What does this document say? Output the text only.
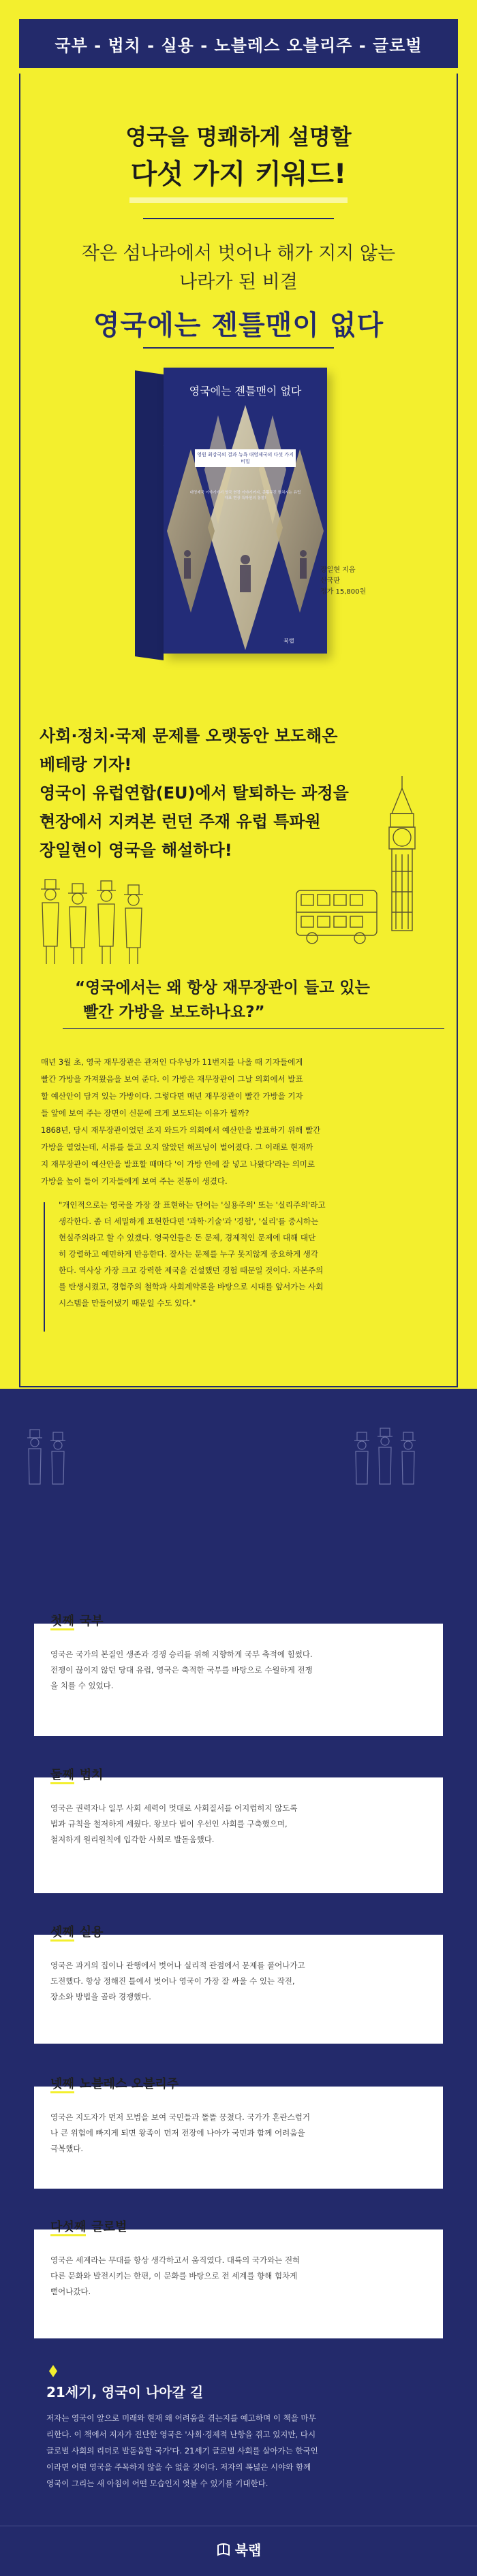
국부 - 법치 - 실용 - 노블레스 오블리주 - 글로벌
영국을 명쾌하게 설명할
다섯 가지 키워드!
작은 섬나라에서 벗어나 해가 지지 않는
나라가 된 비결
영국에는 젠틀맨이 없다
영국에는 젠틀맨이 없다
영원 최강국의 결과 뉴욕 대영제국의 다섯 가지 비밀
대영제국 이야기에서 영국 현장 이야기까지, 종횡무진 펼쳐지는 유럽 대표 현장 특파원의 통찰!
북랩
장일현 지음
신국판
정가 15,800원
사회·정치·국제 문제를 오랫동안 보도해온
베테랑 기자!
영국이 유럽연합(EU)에서 탈퇴하는 과정을
현장에서 지켜본 런던 주재 유럽 특파원
장일현이 영국을 해설하다!
“영국에서는 왜 항상 재무장관이 들고 있는
빨간 가방을 보도하나요?”
매년 3월 초, 영국 재무장관은 관저인 다우닝가 11번지를 나올 때 기자들에게
빨간 가방을 가져왔음을 보여 준다. 이 가방은 재무장관이 그날 의회에서 발표
할 예산안이 담겨 있는 가방이다. 그렇다면 매년 재무장관이 빨간 가방을 기자
들 앞에 보여 주는 장면이 신문에 크게 보도되는 이유가 뭘까?
1868년, 당시 재무장관이었던 조지 와드가 의회에서 예산안을 발표하기 위해 빨간
가방을 열었는데, 서류를 들고 오지 않았던 해프닝이 벌어졌다. 그 이래로 현재까
지 재무장관이 예산안을 발표할 때마다 '이 가방 안에 잘 넣고 나왔다'라는 의미로
가방을 높이 들어 기자들에게 보여 주는 전통이 생겼다.
"개인적으로는 영국을 가장 잘 표현하는 단어는 '실용주의' 또는 '실리주의'라고
생각한다. 좀 더 세밀하게 표현한다면 '과학·기술'과 '경험', '실리'를 중시하는
현실주의라고 할 수 있겠다. 영국인들은 돈 문제, 경제적인 문제에 대해 대단
히 강렬하고 예민하게 반응한다. 잘사는 문제를 누구 못지않게 중요하게 생각
한다. 역사상 가장 크고 강력한 제국을 건설했던 경험 때문일 것이다. 자본주의
를 탄생시켰고, 경험주의 철학과 사회계약론을 바탕으로 시대를 앞서가는 사회
시스템을 만들어냈기 때문일 수도 있다."
첫째 국부
영국은 국가의 본질인 생존과 경쟁 승리를 위해 지향하게 국부 축적에 힘썼다.
전쟁이 끊이지 않던 당대 유럽, 영국은 축적한 국부를 바탕으로 수월하게 전쟁
을 치를 수 있었다.
둘째 법치
영국은 권력자나 일부 사회 세력이 멋대로 사회질서를 어지럽히지 않도록
법과 규칙을 철저하게 세웠다. 왕보다 법이 우선인 사회를 구축했으며,
철저하게 원리원칙에 입각한 사회로 발돋움했다.
셋째 실용
영국은 과거의 집이나 관행에서 벗어나 실리적 관점에서 문제를 풀어나가고
도전했다. 항상 정해진 틀에서 벗어나 영국이 가장 잘 싸울 수 있는 작전,
장소와 방법을 골라 경쟁했다.
넷째 노블레스 오블리주
영국은 지도자가 먼저 모범을 보여 국민들과 똘똘 뭉쳤다. 국가가 혼란스럽거
나 큰 위험에 빠지게 되면 왕족이 먼저 전장에 나아가 국민과 함께 어려움을
극복했다.
다섯째 글로벌
영국은 세계라는 무대를 항상 생각하고서 움직였다. 대륙의 국가와는 전혀
다른 문화와 발전시키는 한편, 이 문화를 바탕으로 전 세계를 향해 힘차게
뻗어나갔다.
21세기, 영국이 나아갈 길
저자는 영국이 앞으로 미래와 현재 왜 어려움을 겪는지를 예고하며 이 책을 마무
리한다. 이 책에서 저자가 진단한 영국은 '사회·경제적 난항을 겪고 있지만, 다시
글로벌 사회의 리더로 발돋움할 국가'다. 21세기 글로벌 사회를 살아가는 한국인
이라면 어떤 영국을 주목하지 않을 수 없을 것이다. 저자의 폭넓은 시야와 함께
영국이 그리는 새 아침이 어떤 모습인지 엿볼 수 있기를 기대한다.
북랩
